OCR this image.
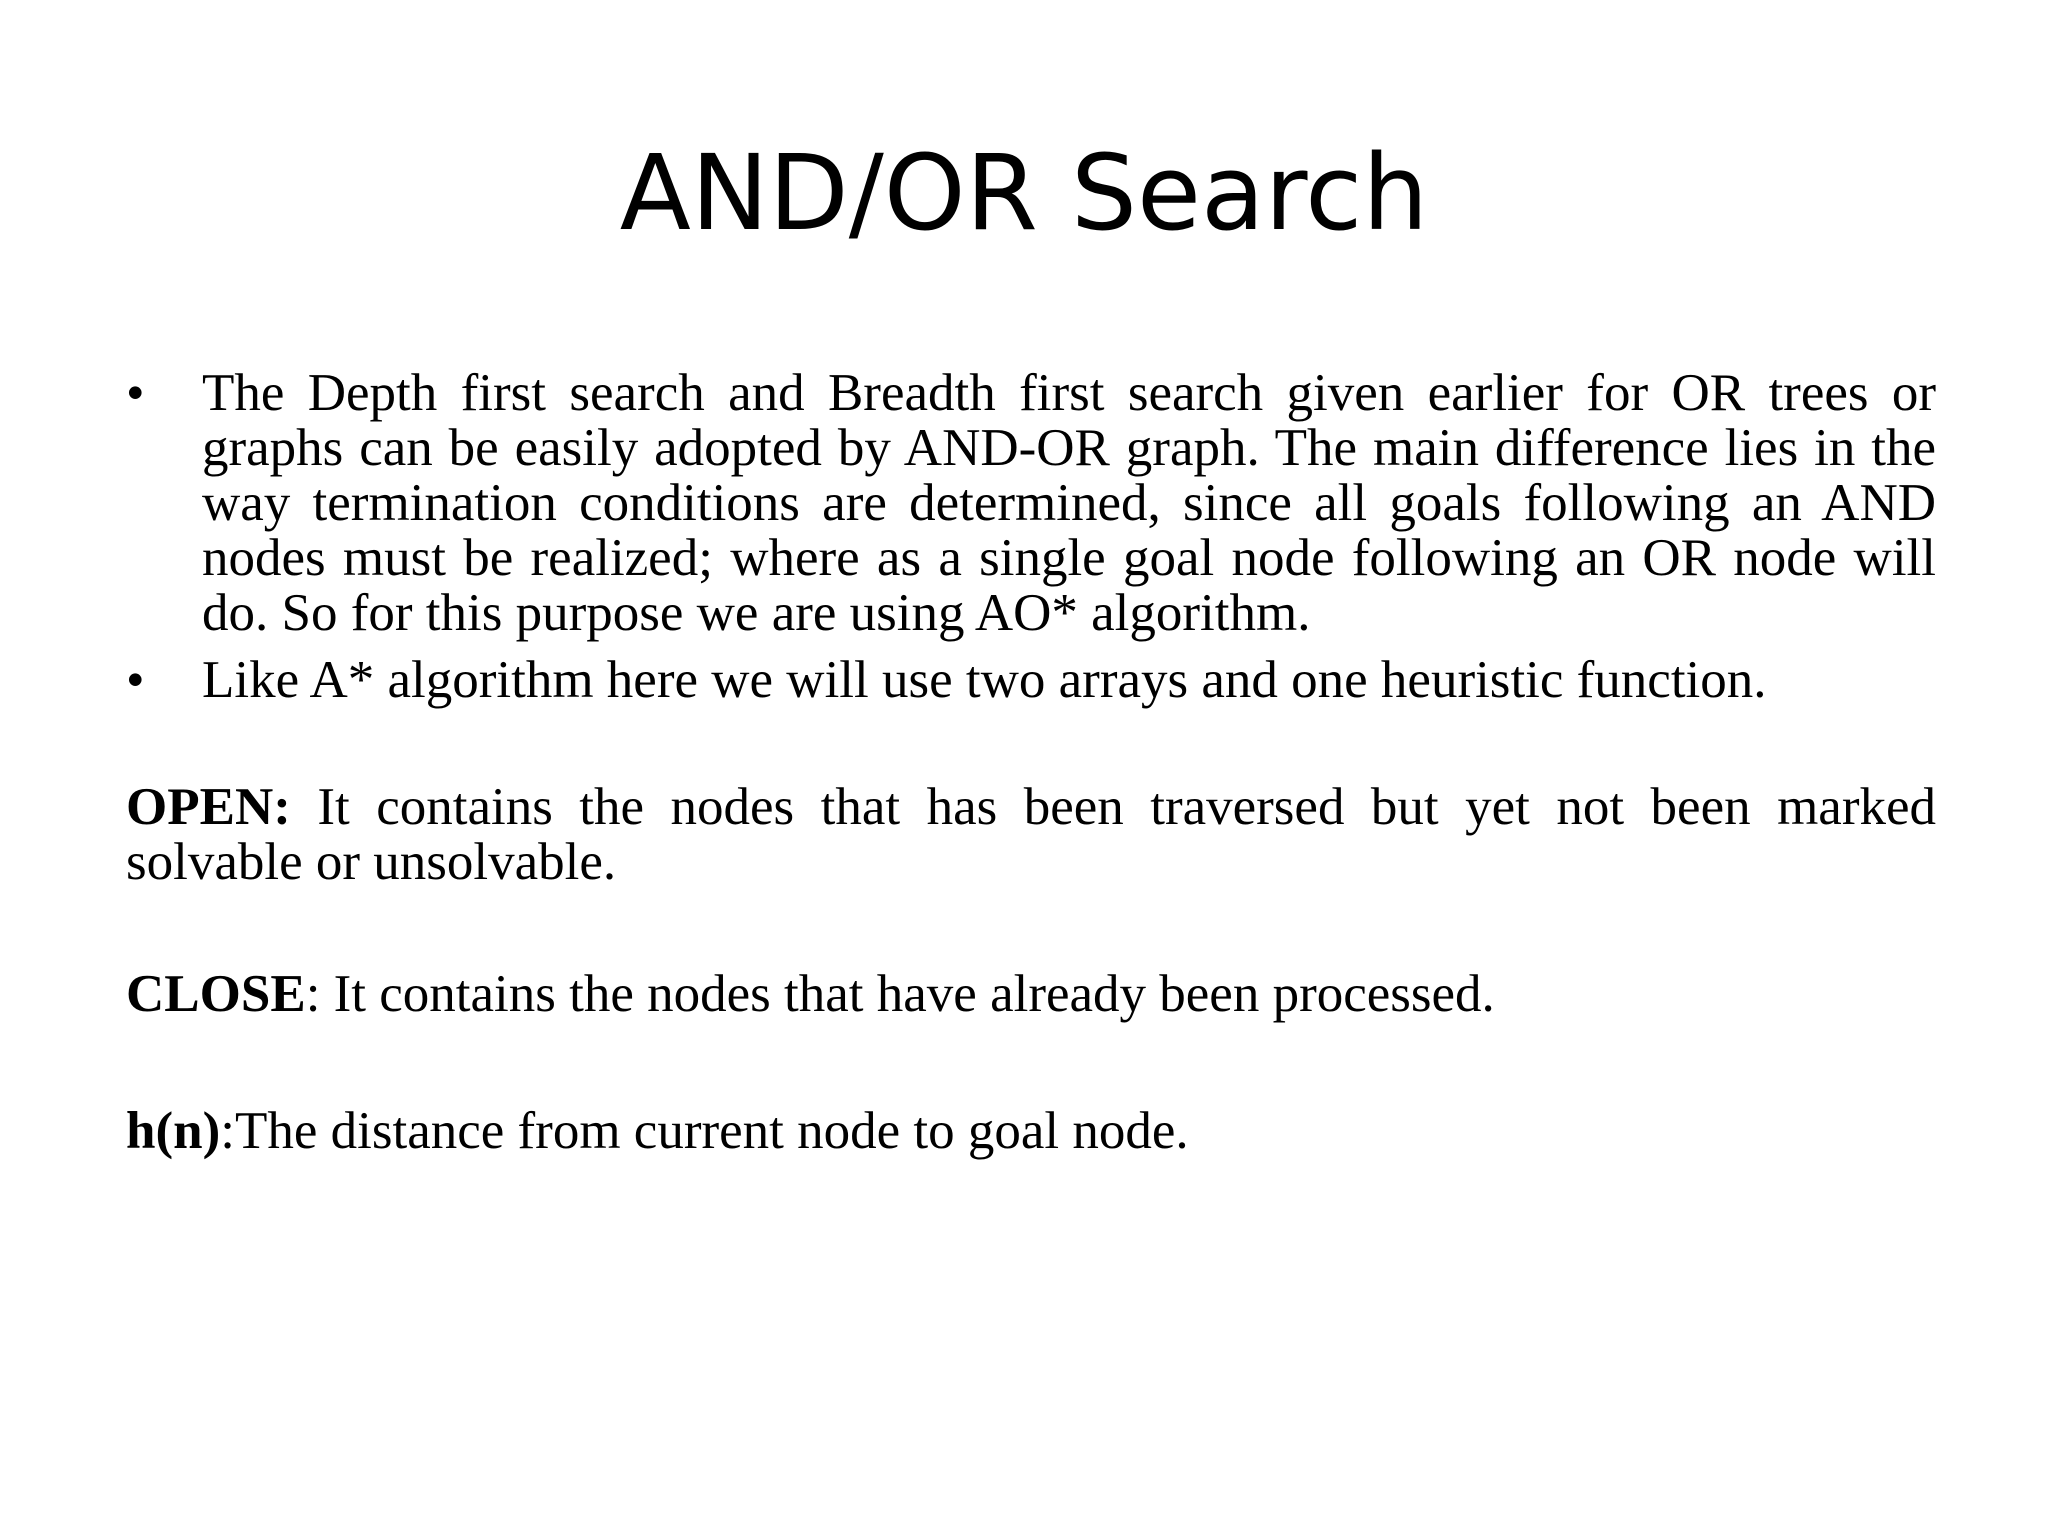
AND/OR Search
•	The Depth first search and Breadth first search given earlier for OR trees or graphs can be easily adopted by AND-OR graph. The main difference lies in the way termination conditions are determined, since all goals following an AND nodes must be realized; where as a single goal node following an OR node will do. So for this purpose we are using AO* algorithm.
•	Like A* algorithm here we will use two arrays and one heuristic function.

OPEN: It contains the nodes that has been traversed but yet not been marked solvable or unsolvable.

CLOSE: It contains the nodes that have already been processed.

h(n):The distance from current node to goal node.
